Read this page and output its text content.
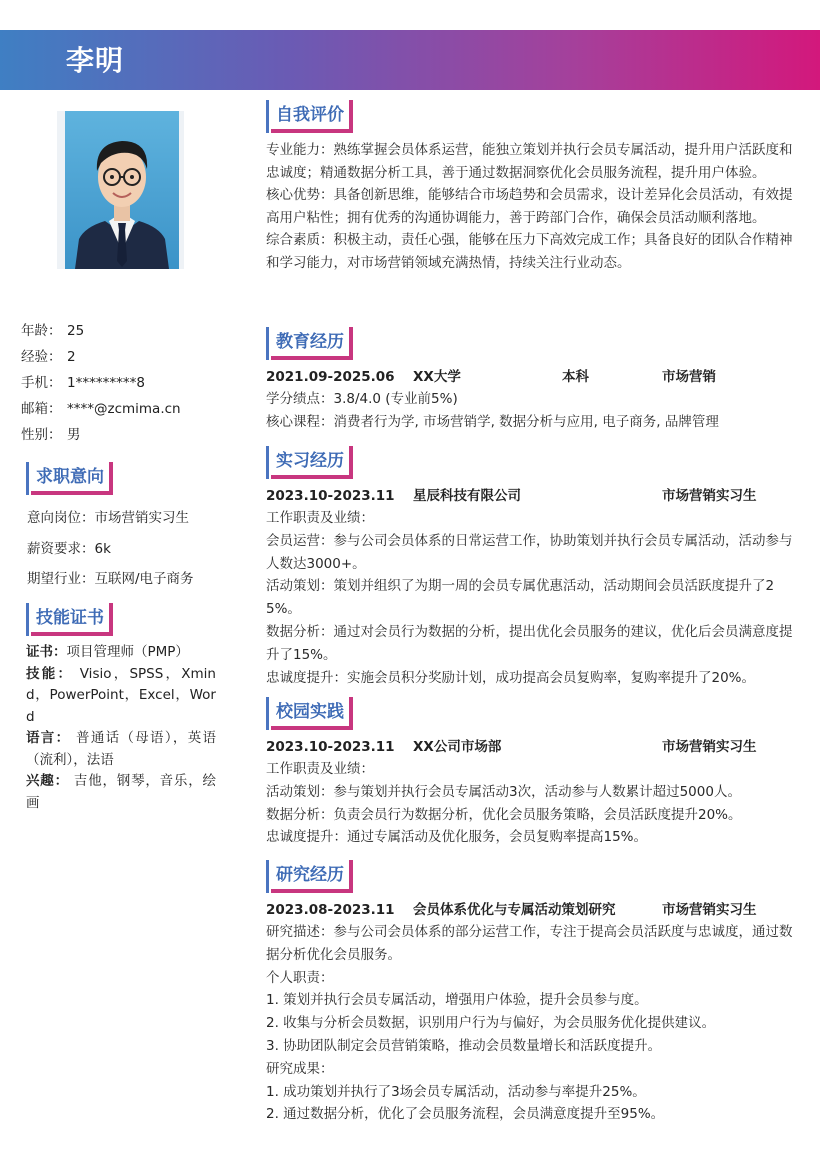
李明
年龄： 25
经验： 2
手机： 1*********8
邮箱： ****@zcmima.cn
性别： 男
求职意向
意向岗位：市场营销实习生
薪资要求：6k
期望行业：互联网/电子商务
技能证书

证书：项目管理师（PMP）

技能： Visio，SPSS，Xmind，PowerPoint，Excel，Word

语言： 普通话（母语），英语（流利），法语

兴趣： 吉他，钢琴，音乐，绘画

自我评价
专业能力：熟练掌握会员体系运营，能独立策划并执行会员专属活动，提升用户活跃度和忠诚度；精通数据分析工具，善于通过数据洞察优化会员服务流程，提升用户体验。
核心优势：具备创新思维，能够结合市场趋势和会员需求，设计差异化会员活动，有效提高用户粘性；拥有优秀的沟通协调能力，善于跨部门合作，确保会员活动顺利落地。
综合素质：积极主动，责任心强，能够在压力下高效完成工作；具备良好的团队合作精神和学习能力，对市场营销领域充满热情，持续关注行业动态。
教育经历
2021.09-2025.06 XX大学	本科	市场营销
学分绩点：3.8/4.0 (专业前5%)
核心课程：消费者行为学, 市场营销学, 数据分析与应用, 电子商务, 品牌管理
实习经历
2023.10-2023.11 星辰科技有限公司	市场营销实习生
工作职责及业绩：
会员运营：参与公司会员体系的日常运营工作，协助策划并执行会员专属活动，活动参与人数达3000+。
活动策划：策划并组织了为期一周的会员专属优惠活动，活动期间会员活跃度提升了25%。
数据分析：通过对会员行为数据的分析，提出优化会员服务的建议，优化后会员满意度提升了15%。
忠诚度提升：实施会员积分奖励计划，成功提高会员复购率，复购率提升了20%。
校园实践
2023.10-2023.11 XX公司市场部	市场营销实习生
工作职责及业绩：
活动策划：参与策划并执行会员专属活动3次，活动参与人数累计超过5000人。
数据分析：负责会员行为数据分析，优化会员服务策略，会员活跃度提升20%。
忠诚度提升：通过专属活动及优化服务，会员复购率提高15%。
研究经历
2023.08-2023.11 会员体系优化与专属活动策划研究	市场营销实习生
研究描述：参与公司会员体系的部分运营工作，专注于提高会员活跃度与忠诚度，通过数据分析优化会员服务。
个人职责：
1. 策划并执行会员专属活动，增强用户体验，提升会员参与度。
2. 收集与分析会员数据，识别用户行为与偏好，为会员服务优化提供建议。
3. 协助团队制定会员营销策略，推动会员数量增长和活跃度提升。
研究成果：
1. 成功策划并执行了3场会员专属活动，活动参与率提升25%。
2. 通过数据分析，优化了会员服务流程，会员满意度提升至95%。
